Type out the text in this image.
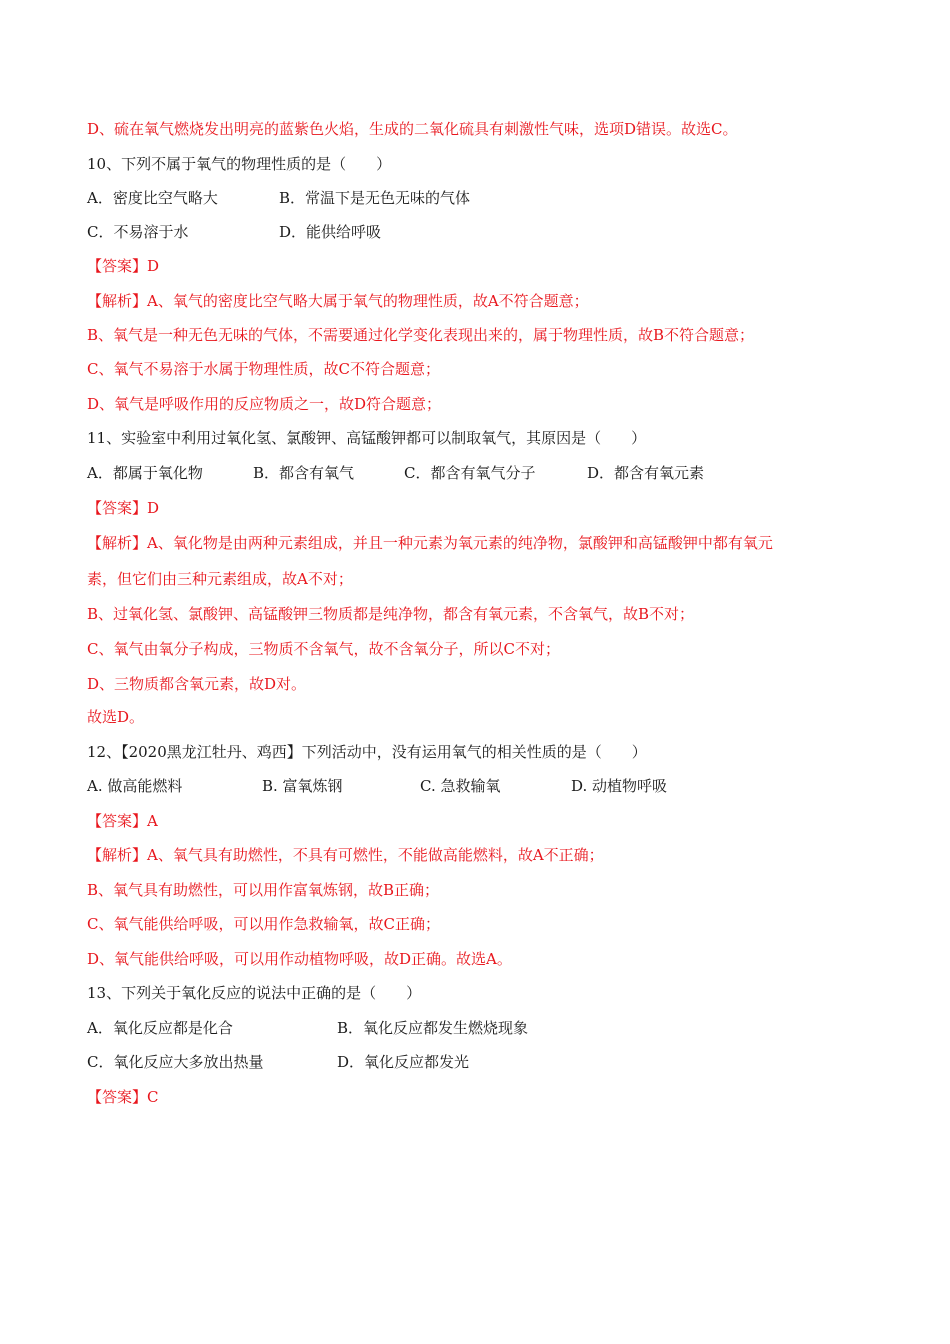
D、硫在氧气燃烧发出明亮的蓝紫色火焰，生成的二氧化硫具有刺激性气味，选项D错误。故选C。
10、下列不属于氧气的物理性质的是（　　）
A．密度比空气略大	B．常温下是无色无味的气体
C．不易溶于水	D．能供给呼吸
【答案】D
【解析】A、氧气的密度比空气略大属于氧气的物理性质，故A不符合题意；
B、氧气是一种无色无味的气体，不需要通过化学变化表现出来的，属于物理性质，故B不符合题意；
C、氧气不易溶于水属于物理性质，故C不符合题意；
D、氧气是呼吸作用的反应物质之一，故D符合题意；
11、实验室中利用过氧化氢、氯酸钾、高锰酸钾都可以制取氧气，其原因是（　　）
A．都属于氧化物	B．都含有氧气	C．都含有氧气分子	D．都含有氧元素
【答案】D
【解析】A、氧化物是由两种元素组成，并且一种元素为氧元素的纯净物，氯酸钾和高锰酸钾中都有氧元
素，但它们由三种元素组成，故A不对；
B、过氧化氢、氯酸钾、高锰酸钾三物质都是纯净物，都含有氧元素，不含氧气，故B不对；
C、氧气由氧分子构成，三物质不含氧气，故不含氧分子，所以C不对；
D、三物质都含氧元素，故D对。
故选D。
12、【2020黑龙江牡丹、鸡西】下列活动中，没有运用氧气的相关性质的是（　　）
A. 做高能燃料	B. 富氧炼钢	C. 急救输氧	D. 动植物呼吸
【答案】A
【解析】A、氧气具有助燃性，不具有可燃性，不能做高能燃料，故A不正确；
B、氧气具有助燃性，可以用作富氧炼钢，故B正确；
C、氧气能供给呼吸，可以用作急救输氧，故C正确；
D、氧气能供给呼吸，可以用作动植物呼吸，故D正确。故选A。
13、下列关于氧化反应的说法中正确的是（　　）
A．氧化反应都是化合	B．氧化反应都发生燃烧现象
C．氧化反应大多放出热量	D．氧化反应都发光
【答案】C
